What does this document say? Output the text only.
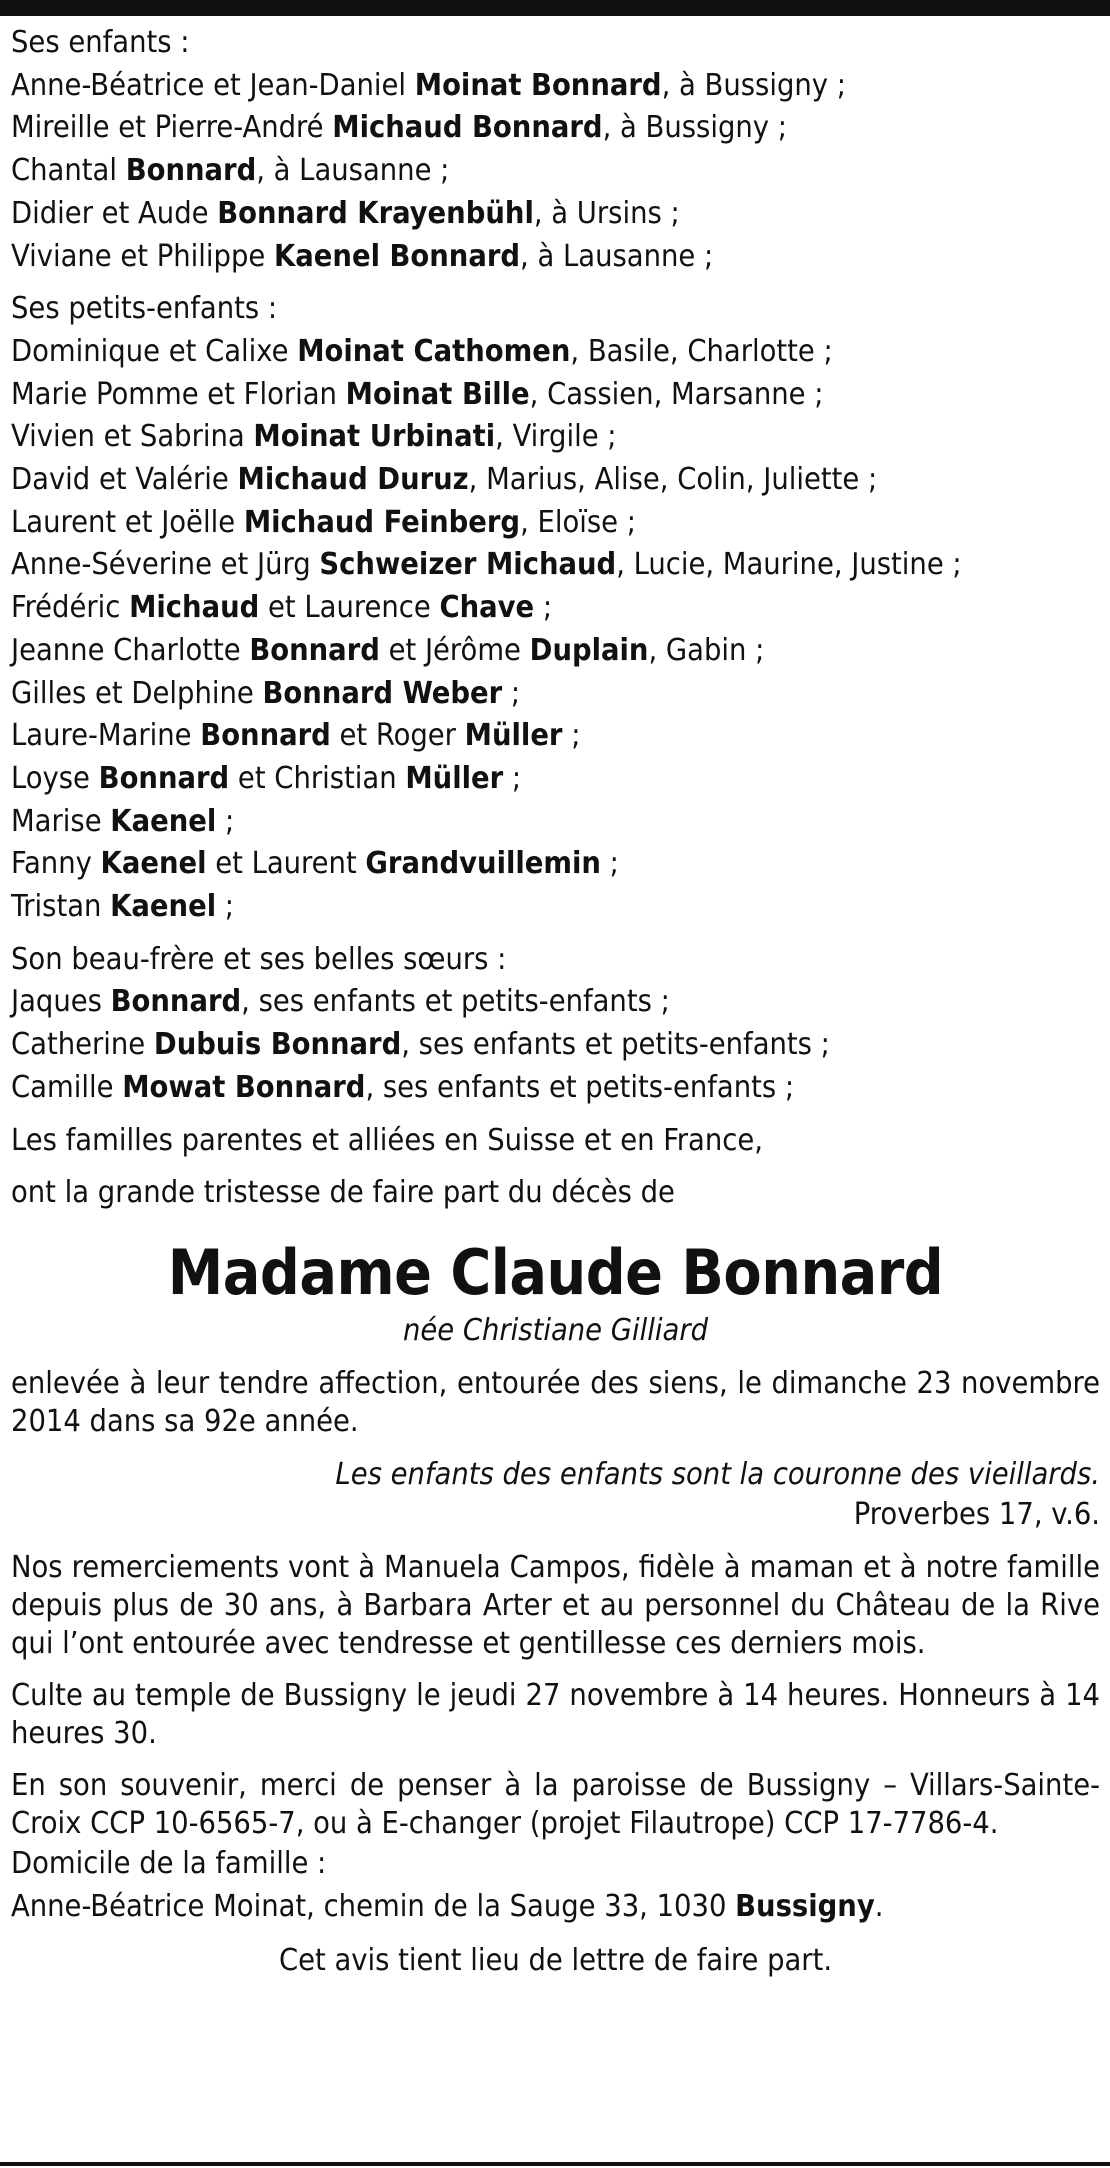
Ses enfants :
Anne-Béatrice et Jean-Daniel Moinat Bonnard, à Bussigny ;
Mireille et Pierre-André Michaud Bonnard, à Bussigny ;
Chantal Bonnard, à Lausanne ;
Didier et Aude Bonnard Krayenbühl, à Ursins ;
Viviane et Philippe Kaenel Bonnard, à Lausanne ;
Ses petits-enfants :
Dominique et Calixe Moinat Cathomen, Basile, Charlotte ;
Marie Pomme et Florian Moinat Bille, Cassien, Marsanne ;
Vivien et Sabrina Moinat Urbinati, Virgile ;
David et Valérie Michaud Duruz, Marius, Alise, Colin, Juliette ;
Laurent et Joëlle Michaud Feinberg, Eloïse ;
Anne-Séverine et Jürg Schweizer Michaud, Lucie, Maurine, Justine ;
Frédéric Michaud et Laurence Chave ;
Jeanne Charlotte Bonnard et Jérôme Duplain, Gabin ;
Gilles et Delphine Bonnard Weber ;
Laure-Marine Bonnard et Roger Müller ;
Loyse Bonnard et Christian Müller ;
Marise Kaenel ;
Fanny Kaenel et Laurent Grandvuillemin ;
Tristan Kaenel ;
Son beau-frère et ses belles sœurs :
Jaques Bonnard, ses enfants et petits-enfants ;
Catherine Dubuis Bonnard, ses enfants et petits-enfants ;
Camille Mowat Bonnard, ses enfants et petits-enfants ;
Les familles parentes et alliées en Suisse et en France,
ont la grande tristesse de faire part du décès de
Madame Claude Bonnard
née Christiane Gilliard
enlevée à leur tendre affection, entourée des siens, le dimanche 23 novembre 2014 dans sa 92e année.
Les enfants des enfants sont la couronne des vieillards.
Proverbes 17, v.6.
Nos remerciements vont à Manuela Campos, fidèle à maman et à notre famille depuis plus de 30 ans, à Barbara Arter et au personnel du Château de la Rive qui l’ont entourée avec tendresse et gentillesse ces derniers mois.
Culte au temple de Bussigny le jeudi 27 novembre à 14 heures. Honneurs à 14 heures 30.
En son souvenir, merci de penser à la paroisse de Bussigny – Villars-Sainte-Croix CCP 10-6565-7, ou à E-changer (projet Filautrope) CCP 17-7786-4.
Domicile de la famille :
Anne-Béatrice Moinat, chemin de la Sauge 33, 1030 Bussigny.
Cet avis tient lieu de lettre de faire part.
